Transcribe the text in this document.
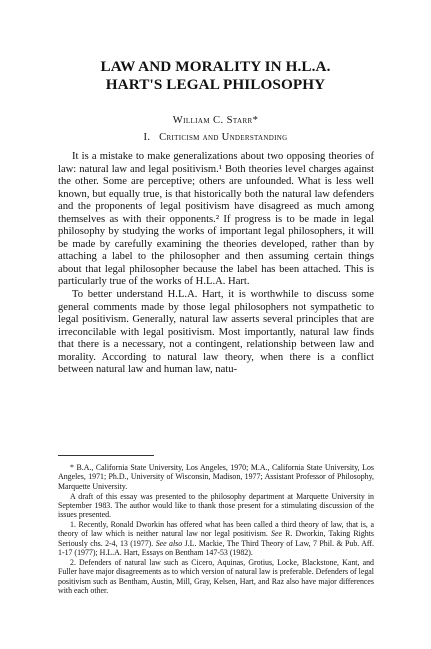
LAW AND MORALITY IN H.L.A.
HART'S LEGAL PHILOSOPHY
William C. Starr*
I. Criticism and Understanding

It is a mistake to make generalizations about two opposing theories of law: natural law and legal positivism.¹ Both theories level charges against the other. Some are perceptive; others are unfounded. What is less well known, but equally true, is that historically both the natural law defenders and the proponents of legal positivism have disagreed as much among themselves as with their opponents.² If progress is to be made in legal philosophy by studying the works of important legal philosophers, it will be made by carefully examining the theories developed, rather than by attaching a label to the philosopher and then assuming certain things about that legal philosopher because the label has been attached. This is particularly true of the works of H.L.A. Hart.

To better understand H.L.A. Hart, it is worthwhile to discuss some general comments made by those legal philosophers not sympathetic to legal positivism. Generally, natural law asserts several principles that are irreconcilable with legal positivism. Most importantly, natural law finds that there is a necessary, not a contingent, relationship between law and morality. According to natural law theory, when there is a conflict between natural law and human law, natu-

* B.A., California State University, Los Angeles, 1970; M.A., California State University, Los Angeles, 1971; Ph.D., University of Wisconsin, Madison, 1977; Assistant Professor of Philosophy, Marquette University.

A draft of this essay was presented to the philosophy department at Marquette University in September 1983. The author would like to thank those present for a stimulating discussion of the issues presented.

1. Recently, Ronald Dworkin has offered what has been called a third theory of law, that is, a theory of law which is neither natural law nor legal positivism. See R. Dworkin, Taking Rights Seriously chs. 2-4, 13 (1977). See also J.L. Mackie, The Third Theory of Law, 7 Phil. & Pub. Aff. 1-17 (1977); H.L.A. Hart, Essays on Bentham 147-53 (1982).

2. Defenders of natural law such as Cicero, Aquinas, Grotius, Locke, Blackstone, Kant, and Fuller have major disagreements as to which version of natural law is preferable. Defenders of legal positivism such as Bentham, Austin, Mill, Gray, Kelsen, Hart, and Raz also have major differences with each other.
